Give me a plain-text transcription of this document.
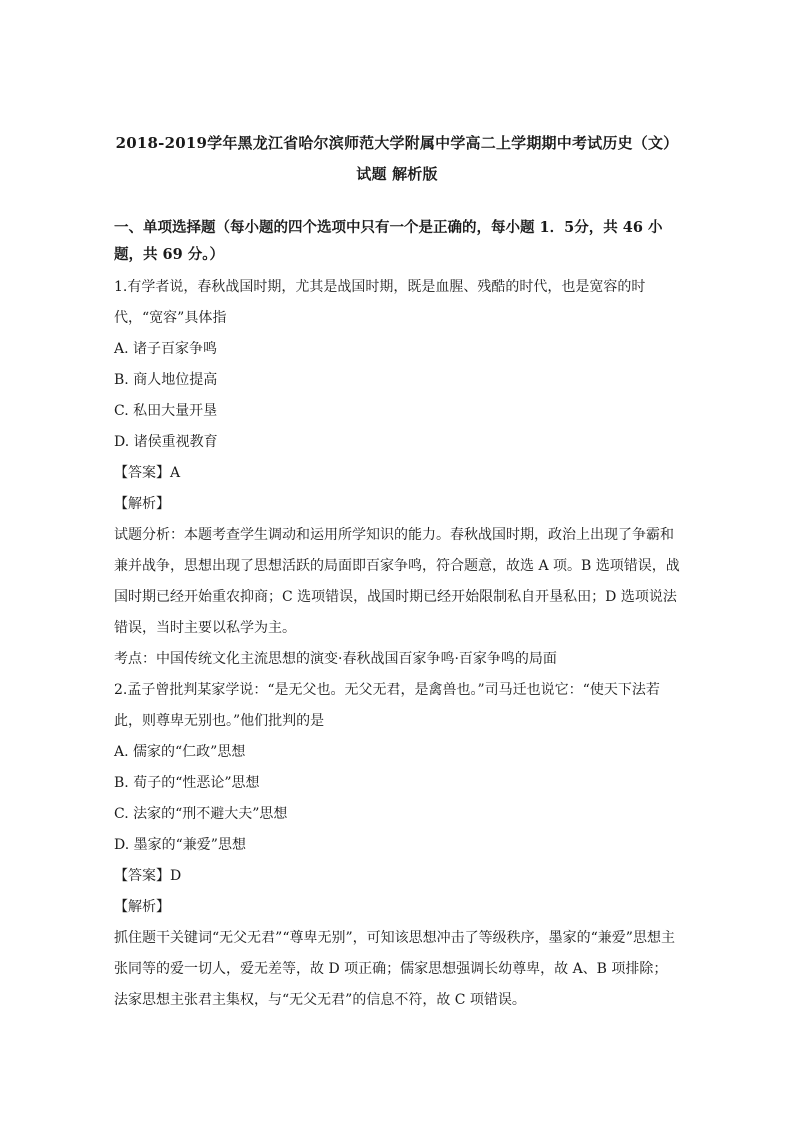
2018-2019学年黑龙江省哈尔滨师范大学附属中学高二上学期期中考试历史（文）试题 解析版

一、单项选择题（每小题的四个选项中只有一个是正确的，每小题 1．5分，共 46 小题，共 69 分。）

1.有学者说，春秋战国时期，尤其是战国时期，既是血腥、残酷的时代，也是宽容的时代，“宽容”具体指

A. 诸子百家争鸣

B. 商人地位提高

C. 私田大量开垦

D. 诸侯重视教育

【答案】A

【解析】

试题分析：本题考查学生调动和运用所学知识的能力。春秋战国时期，政治上出现了争霸和兼并战争，思想出现了思想活跃的局面即百家争鸣，符合题意，故选 A 项。B 选项错误，战国时期已经开始重农抑商；C 选项错误，战国时期已经开始限制私自开垦私田；D 选项说法错误，当时主要以私学为主。

考点：中国传统文化主流思想的演变·春秋战国百家争鸣·百家争鸣的局面

2.孟子曾批判某家学说：“是无父也。无父无君，是禽兽也。”司马迁也说它：“使天下法若此，则尊卑无别也。”他们批判的是

A. 儒家的“仁政”思想

B. 荀子的“性恶论”思想

C. 法家的“刑不避大夫”思想

D. 墨家的“兼爱”思想

【答案】D

【解析】

抓住题干关键词“无父无君”“尊卑无别”，可知该思想冲击了等级秩序，墨家的“兼爱”思想主张同等的爱一切人，爱无差等，故 D 项正确；儒家思想强调长幼尊卑，故 A、B 项排除；法家思想主张君主集权，与“无父无君”的信息不符，故 C 项错误。
